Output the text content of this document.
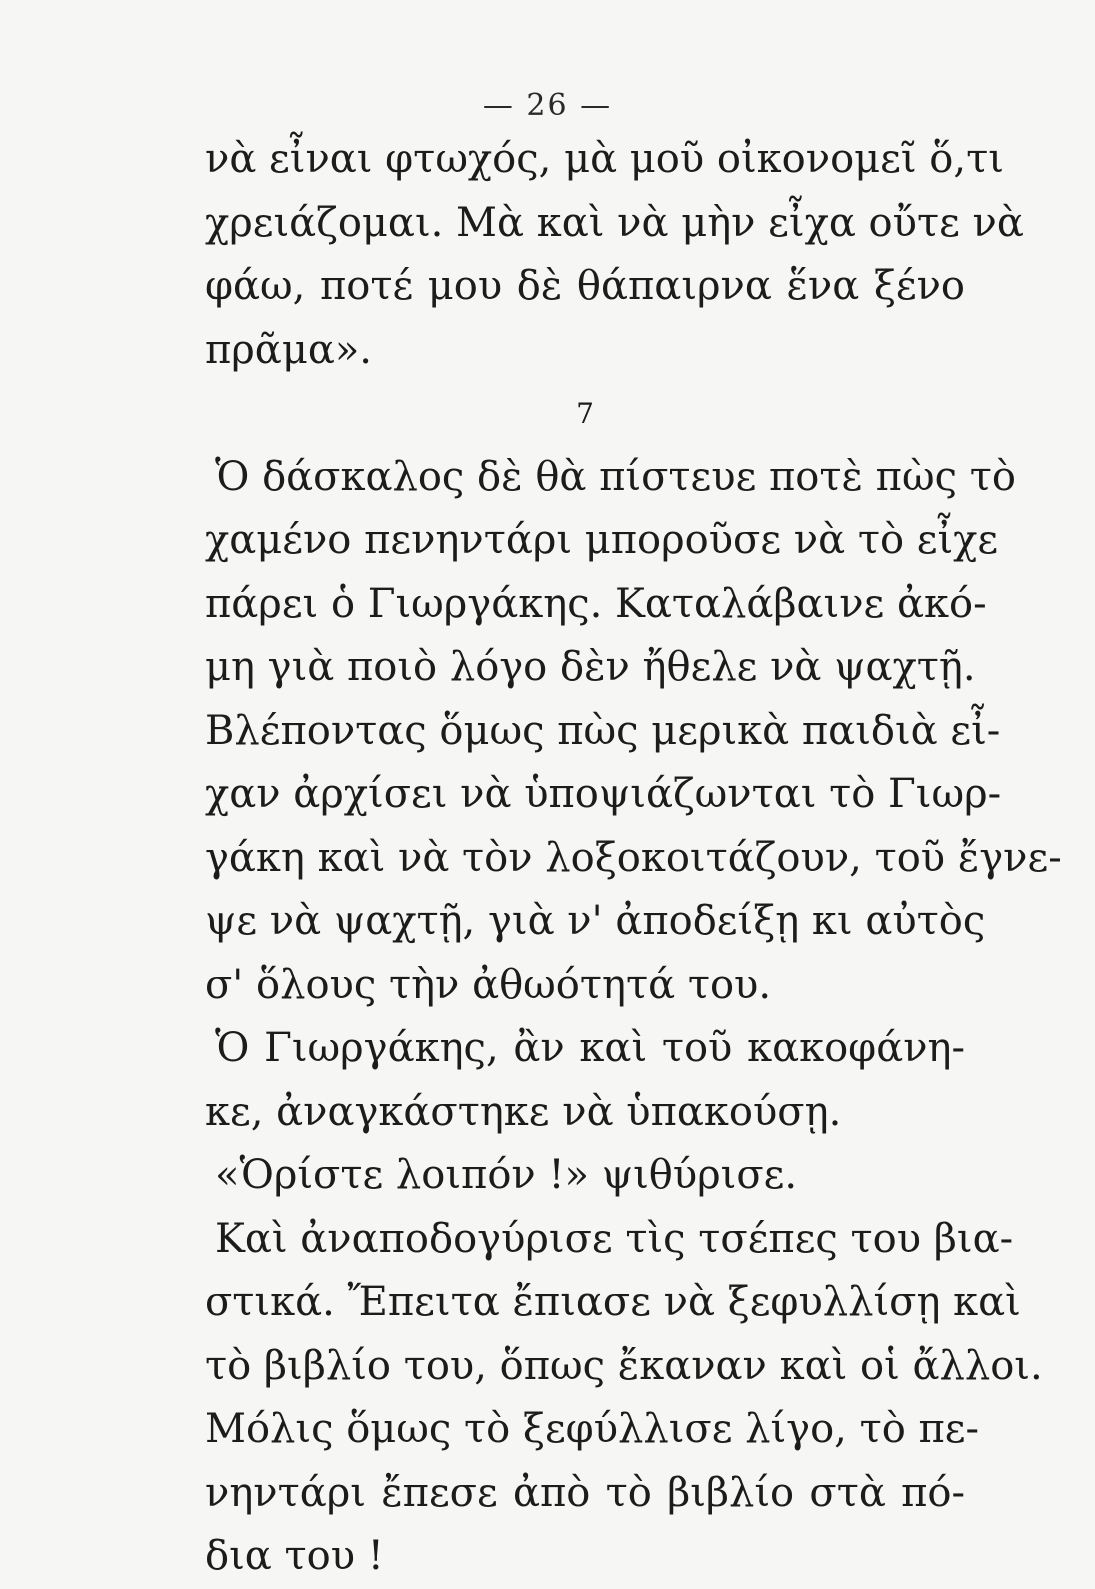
— 26 —
νὰ εἶναι φτωχός, μὰ μοῦ οἰκονομεῖ ὅ,τι
χρειάζομαι. Μὰ καὶ νὰ μὴν εἶχα οὔτε νὰ
φάω, ποτέ μου δὲ θάπαιρνα ἕνα ξένο
πρᾶμα».
7
Ὁ δάσκαλος δὲ θὰ πίστευε ποτὲ πὼς τὸ
χαμένο πενηντάρι μποροῦσε νὰ τὸ εἶχε
πάρει ὁ Γιωργάκης. Καταλάβαινε ἀκό-
μη γιὰ ποιὸ λόγο δὲν ἤθελε νὰ ψαχτῇ.
Βλέποντας ὅμως πὼς μερικὰ παιδιὰ εἶ-
χαν ἀρχίσει νὰ ὑποψιάζωνται τὸ Γιωρ-
γάκη καὶ νὰ τὸν λοξοκοιτάζουν, τοῦ ἔγνε-
ψε νὰ ψαχτῇ, γιὰ ν' ἀποδείξῃ κι αὐτὸς
σ' ὅλους τὴν ἀθωότητά του.
Ὁ Γιωργάκης, ἂν καὶ τοῦ κακοφάνη-
κε, ἀναγκάστηκε νὰ ὑπακούσῃ.
«Ὁρίστε λοιπόν !» ψιθύρισε.
Καὶ ἀναποδογύρισε τὶς τσέπες του βια-
στικά. Ἔπειτα ἔπιασε νὰ ξεφυλλίσῃ καὶ
τὸ βιβλίο του, ὅπως ἔκαναν καὶ οἱ ἄλλοι.
Μόλις ὅμως τὸ ξεφύλλισε λίγο, τὸ πε-
νηντάρι ἔπεσε ἀπὸ τὸ βιβλίο στὰ πό-
δια του !
